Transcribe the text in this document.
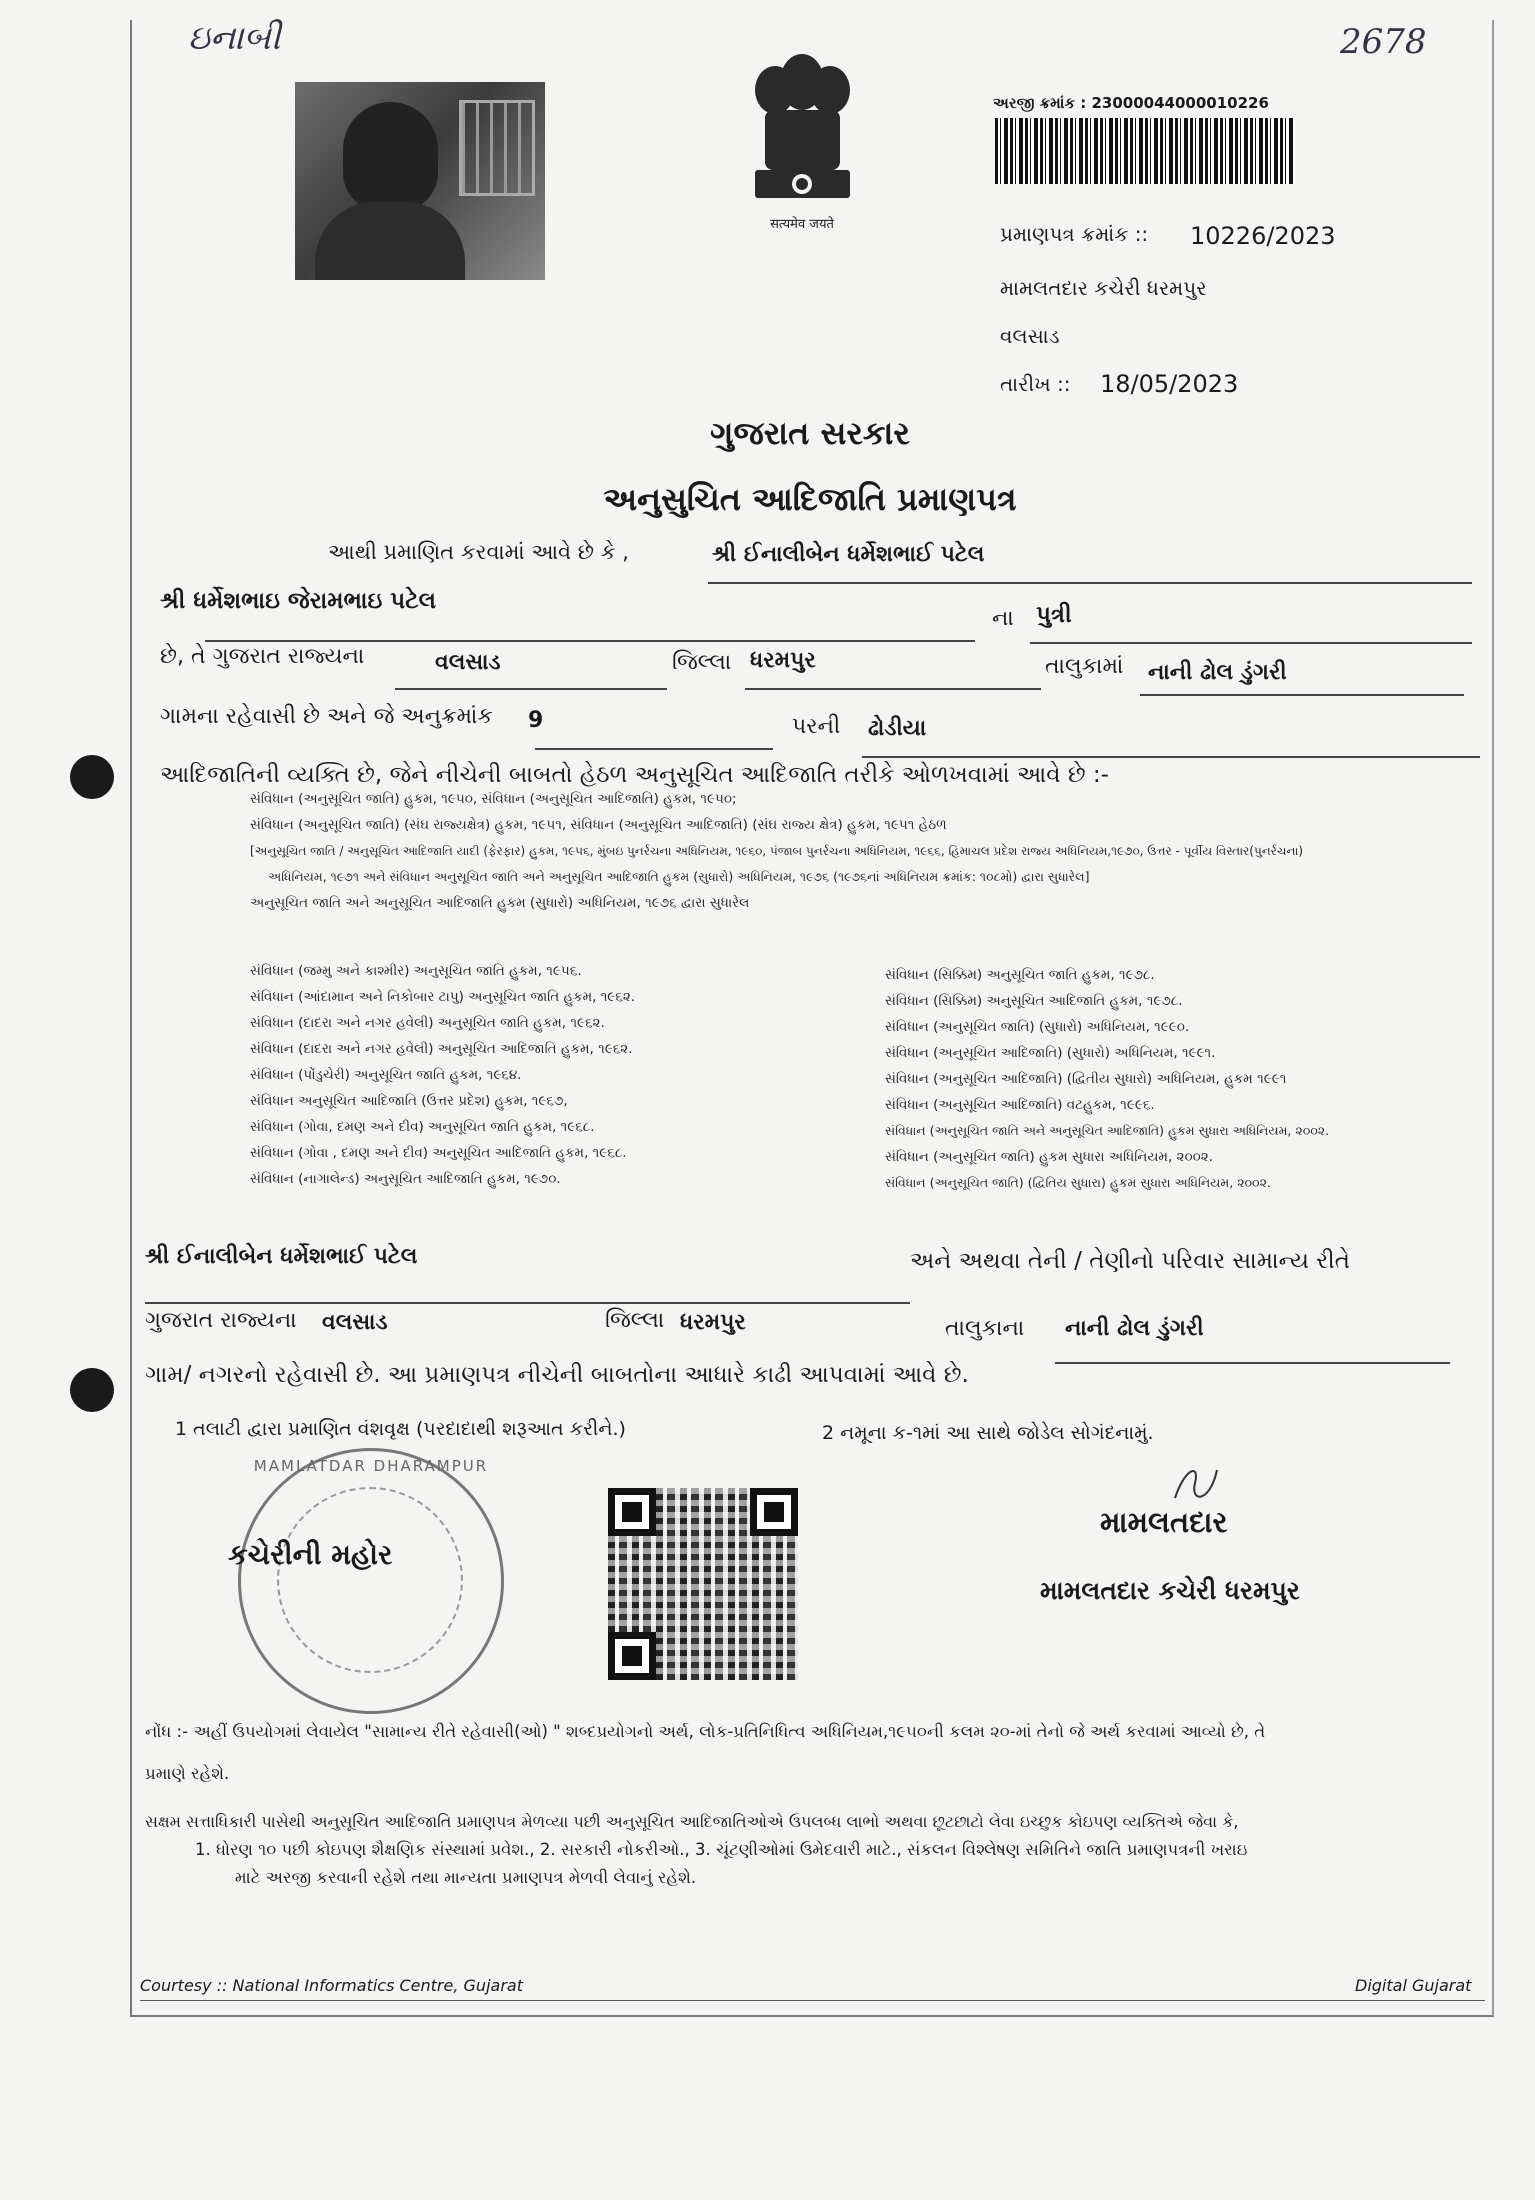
ઇનાબી	2678
सत्यमेव जयते
અરજી ક્રમાંક : 23000044000010226
પ્રમાણપત્ર ક્રમાંક :: 10226/2023
મામલતદાર કચેરી ધરમપુર
વલસાડ
તારીખ :: 18/05/2023
ગુજરાત સરકાર
અનુસુચિત આદિજાતિ પ્રમાણપત્ર
આથી પ્રમાણિત કરવામાં આવે છે કે ,	શ્રી ઈનાલીબેન ધર્મેશભાઈ પટેલ
શ્રી ધર્મેશભાઇ જેરામભાઇ પટેલ
ના પુત્રી
છે, તે ગુજરાત રાજ્યના	વલસાડ	જિલ્લા ધરમપુર	તાલુકામાં નાની ઢોલ ડુંગરી
ગામના રહેવાસી છે અને જે અનુક્રમાંક 9	પરની ઢોડીયા
આદિજાતિની વ્યક્તિ છે, જેને નીચેની બાબતો હેઠળ અનુસૂચિત આદિજાતિ તરીકે ઓળખવામાં આવે છે :-
સંવિધાન (અનુસૂચિત જાતિ) હુકમ, ૧૯૫૦, સંવિધાન (અનુસૂચિત આદિજાતિ) હુકમ, ૧૯૫૦;
સંવિધાન (અનુસૂચિત જાતિ) (સંઘ રાજ્યક્ષેત્ર) હુકમ, ૧૯૫૧, સંવિધાન (અનુસૂચિત આદિજાતિ) (સંઘ રાજ્ય ક્ષેત્ર) હુકમ, ૧૯૫૧ હેઠળ
[અનુસૂચિત જાતિ / અનુસૂચિત આદિજાતિ યાદી (ફેરફાર) હુકમ, ૧૯૫૬, મુંબઇ પુનર્રચના અધિનિયમ, ૧૯૬૦, પંજાબ પુનર્રચના અધિનિયમ, ૧૯૬૬, હિમાચલ પ્રદેશ રાજ્ય અધિનિયમ,૧૯૭૦, ઉત્તર - પૂર્વીય વિસ્તાર(પુનર્રચના)
અધિનિયમ, ૧૯૭૧ અને સંવિધાન અનુસૂચિત જાતિ અને અનુસૂચિત આદિજાતિ હુકમ (સુધારો) અધિનિયમ, ૧૯૭૬ (૧૯૭૬નાં અધિનિયમ ક્રમાંક: ૧૦૮મો) દ્વારા સુધારેલ]
અનુસૂચિત જાતિ અને અનુસૂચિત આદિજાતિ હુકમ (સુધારો) અધિનિયમ, ૧૯૭૬ દ્વારા સુધારેલ
સંવિધાન (જમ્મુ અને કાશ્મીર) અનુસૂચિત જાતિ હુકમ, ૧૯૫૬.
સંવિધાન (આંદામાન અને નિકોબાર ટાપુ) અનુસૂચિત જાતિ હુકમ, ૧૯૬૨.
સંવિધાન (દાદરા અને નગર હવેલી) અનુસૂચિત જાતિ હુકમ, ૧૯૬૨.
સંવિધાન (દાદરા અને નગર હવેલી) અનુસૂચિત આદિજાતિ હુકમ, ૧૯૬૨.
સંવિધાન (પોંડુચેરી) અનુસૂચિત જાતિ હુકમ, ૧૯૬૪.
સંવિધાન અનુસૂચિત આદિજાતિ (ઉત્તર પ્રદેશ) હુકમ, ૧૯૬૭,
સંવિધાન (ગોવા, દમણ અને દીવ) અનુસૂચિત જાતિ હુકમ, ૧૯૬૮.
સંવિધાન (ગોવા , દમણ અને દીવ) અનુસૂચિત આદિજાતિ હુકમ, ૧૯૬૮.
સંવિધાન (નાગાલેન્ડ) અનુસૂચિત આદિજાતિ હુકમ, ૧૯૭૦.
સંવિધાન (સિક્કિમ) અનુસૂચિત જાતિ હુકમ, ૧૯૭૮.
સંવિધાન (સિક્કિમ) અનુસૂચિત આદિજાતિ હુકમ, ૧૯૭૮.
સંવિધાન (અનુસૂચિત જાતિ) (સુધારો) અધિનિયમ, ૧૯૯૦.
સંવિધાન (અનુસૂચિત આદિજાતિ) (સુધારો) અધિનિયમ, ૧૯૯૧.
સંવિધાન (અનુસૂચિત આદિજાતિ) (દ્વિતીય સુધારો) અધિનિયમ, હુકમ ૧૯૯૧
સંવિધાન (અનુસૂચિત આદિજાતિ) વટહુકમ, ૧૯૯૬.
સંવિધાન (અનુસૂચિત જાતિ અને અનુસૂચિત આદિજાતિ) હુકમ સુધારા અધિનિયમ, ૨૦૦૨.
સંવિધાન (અનુસૂચિત જાતિ) હુકમ સુધારા અધિનિયમ, ૨૦૦૨.
સંવિધાન (અનુસૂચિત જાતિ) (દ્વિતિય સુધારા) હુકમ સુધારા અધિનિયમ, ૨૦૦૨.
શ્રી ઈનાલીબેન ધર્મેશભાઈ પટેલ	અને અથવા તેની / તેણીનો પરિવાર સામાન્ય રીતે
ગુજરાત રાજ્યના વલસાડ	જિલ્લા ધરમપુર	તાલુકાના નાની ઢોલ ડુંગરી
ગામ/ નગરનો રહેવાસી છે. આ પ્રમાણપત્ર નીચેની બાબતોના આધારે કાઢી આપવામાં આવે છે.
1 તલાટી દ્વારા પ્રમાણિત વંશવૃક્ષ (પરદાદાથી શરૂઆત કરીને.)	2 નમૂના ક-૧માં આ સાથે જોડેલ સોગંદનામું.
MAMLATDAR DHARAMPUR
કચેરીની મહોર
મામલતદાર
મામલતદાર કચેરી ધરમપુર
નોંધ :- અહીં ઉપયોગમાં લેવાયેલ "સામાન્ય રીતે રહેવાસી(ઓ) " શબ્દપ્રયોગનો અર્થ, લોક-પ્રતિનિધિત્વ અધિનિયમ,૧૯૫૦ની કલમ ૨૦-માં તેનો જે અર્થ કરવામાં આવ્યો છે, તે
પ્રમાણે રહેશે.
સક્ષમ સત્તાધિકારી પાસેથી અનુસૂચિત આદિજાતિ પ્રમાણપત્ર મેળવ્યા પછી અનુસૂચિત આદિજાતિઓએ ઉપલબ્ધ લાભો અથવા છૂટછાટો લેવા ઇચ્છુક કોઇપણ વ્યક્તિએ જેવા કે,
1. ધોરણ ૧૦ પછી કોઇપણ શૈક્ષણિક સંસ્થામાં પ્રવેશ., 2. સરકારી નોકરીઓ., 3. ચૂંટણીઓમાં ઉમેદવારી માટે., સંકલન વિશ્લેષણ સમિતિને જાતિ પ્રમાણપત્રની ખરાઇ
માટે અરજી કરવાની રહેશે તથા માન્યતા પ્રમાણપત્ર મેળવી લેવાનું રહેશે.
Courtesy :: National Informatics Centre, Gujarat	Digital Gujarat
